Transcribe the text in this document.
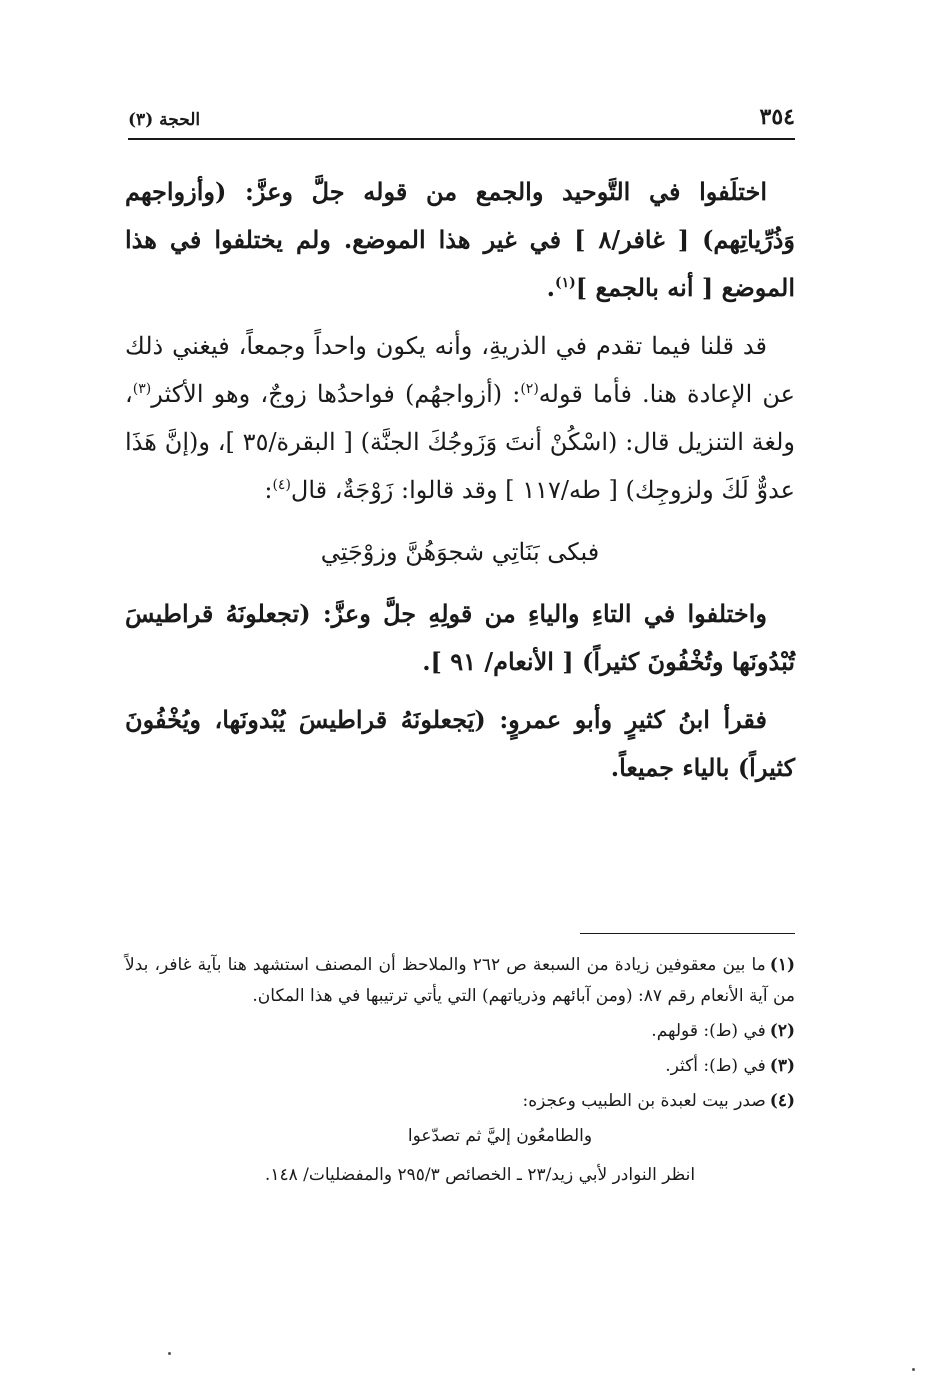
٣٥٤
الحجة (٣)

اختلَفوا في التَّوحيد والجمع من قوله جلَّ وعزَّ: (وأزواجهم وَذُرِّياتِهم) [ غافر/٨ ] في غير هذا الموضع. ولم يختلفوا في هذا الموضع [ أنه بالجمع ]$^{(١)}$.

قد قلنا فيما تقدم في الذريةِ، وأنه يكون واحداً وجمعاً، فيغني ذلك عن الإعادة هنا. فأما قوله$^{(٢)}$: (أزواجهُم) فواحدُها زوجٌ، وهو الأكثر$^{(٣)}$، ولغة التنزيل قال: (اسْكُنْ أنتَ وَزَوجُكَ الجنَّة) [ البقرة/٣٥ ]، و(إنَّ هَذَا عدوٌّ لَكَ ولزوجِك) [ طه/١١٧ ] وقد قالوا: زَوْجَةٌ، قال$^{(٤)}$:

فبكى بَنَاتِي شجوَهُنَّ وزوْجَتِي

واختلفوا في التاءِ والياءِ من قولِهِ جلَّ وعزَّ: (تجعلونَهُ قراطيسَ تُبْدُونَها وتُخْفُونَ كثيراً) [ الأنعام/ ٩١ ].

فقرأ ابنُ كثيرٍ وأبو عمروٍ: (يَجعلونَهُ قراطيسَ يُبْدونَها، ويُخْفُونَ كثيراً) بالياء جميعاً.

(١)ما بين معقوفين زيادة من السبعة ص ٢٦٢ والملاحظ أن المصنف استشهد هنا بآية غافر، بدلاً من آية الأنعام رقم ٨٧: (ومن آبائهم وذرياتهم) التي يأتي ترتيبها في هذا المكان.

(٢)في (ط): قولهم.

(٣)في (ط): أكثر.

(٤)صدر بيت لعبدة بن الطبيب وعجزه:

والطامعُون إليَّ ثم تصدّعوا

انظر النوادر لأبي زيد/٢٣ ـ الخصائص ٢٩٥/٣ والمفضليات/ ١٤٨.
